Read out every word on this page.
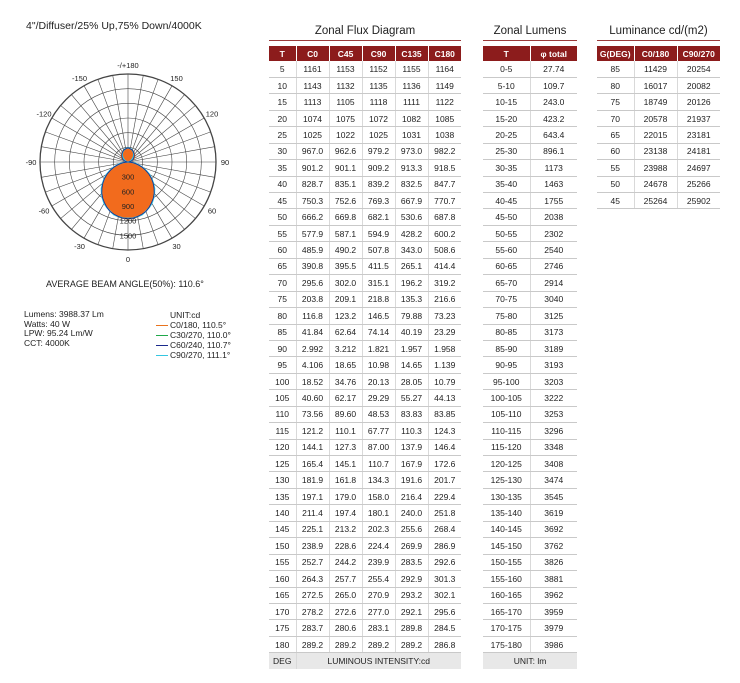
4"/Diffuser/25% Up,75% Down/4000K
300
600
900
1200
1500
-/+180
-150	150
-120	120
-90	90
-60	60
-30	30
0
AVERAGE BEAM ANGLE(50%): 110.6°
Lumens: 3988.37 Lm
Watts: 40 W
LPW: 95.24 Lm/W
CCT: 4000K
UNIT:cd
C0/180, 110.5°
C30/270, 110.0°
C60/240, 110.7°
C90/270, 111.1°
Zonal Flux Diagram
T	C0	C45	C90	C135	C180
5	1161	1153	1152	1155	1164
10	1143	1132	1135	1136	1149
15	1113	1105	1118	1111	1122
20	1074	1075	1072	1082	1085
25	1025	1022	1025	1031	1038
30	967.0	962.6	979.2	973.0	982.2
35	901.2	901.1	909.2	913.3	918.5
40	828.7	835.1	839.2	832.5	847.7
45	750.3	752.6	769.3	667.9	770.7
50	666.2	669.8	682.1	530.6	687.8
55	577.9	587.1	594.9	428.2	600.2
60	485.9	490.2	507.8	343.0	508.6
65	390.8	395.5	411.5	265.1	414.4
70	295.6	302.0	315.1	196.2	319.2
75	203.8	209.1	218.8	135.3	216.6
80	116.8	123.2	146.5	79.88	73.23
85	41.84	62.64	74.14	40.19	23.29
90	2.992	3.212	1.821	1.957	1.958
95	4.106	18.65	10.98	14.65	1.139
100	18.52	34.76	20.13	28.05	10.79
105	40.60	62.17	29.29	55.27	44.13
110	73.56	89.60	48.53	83.83	83.85
115	121.2	110.1	67.77	110.3	124.3
120	144.1	127.3	87.00	137.9	146.4
125	165.4	145.1	110.7	167.9	172.6
130	181.9	161.8	134.3	191.6	201.7
135	197.1	179.0	158.0	216.4	229.4
140	211.4	197.4	180.1	240.0	251.8
145	225.1	213.2	202.3	255.6	268.4
150	238.9	228.6	224.4	269.9	286.9
155	252.7	244.2	239.9	283.5	292.6
160	264.3	257.7	255.4	292.9	301.3
165	272.5	265.0	270.9	293.2	302.1
170	278.2	272.6	277.0	292.1	295.6
175	283.7	280.6	283.1	289.8	284.5
180	289.2	289.2	289.2	289.2	286.8
DEG	LUMINOUS INTENSITY:cd				
Zonal Lumens
T	φ total
0-5	27.74
5-10	109.7
10-15	243.0
15-20	423.2
20-25	643.4
25-30	896.1
30-35	1173
35-40	1463
40-45	1755
45-50	2038
50-55	2302
55-60	2540
60-65	2746
65-70	2914
70-75	3040
75-80	3125
80-85	3173
85-90	3189
90-95	3193
95-100	3203
100-105	3222
105-110	3253
110-115	3296
115-120	3348
120-125	3408
125-130	3474
130-135	3545
135-140	3619
140-145	3692
145-150	3762
150-155	3826
155-160	3881
160-165	3962
165-170	3959
170-175	3979
175-180	3986
UNIT: lm	
Luminance cd/(m2)
G(DEG)	C0/180	C90/270
85	11429	20254
80	16017	20082
75	18749	20126
70	20578	21937
65	22015	23181
60	23138	24181
55	23988	24697
50	24678	25266
45	25264	25902
